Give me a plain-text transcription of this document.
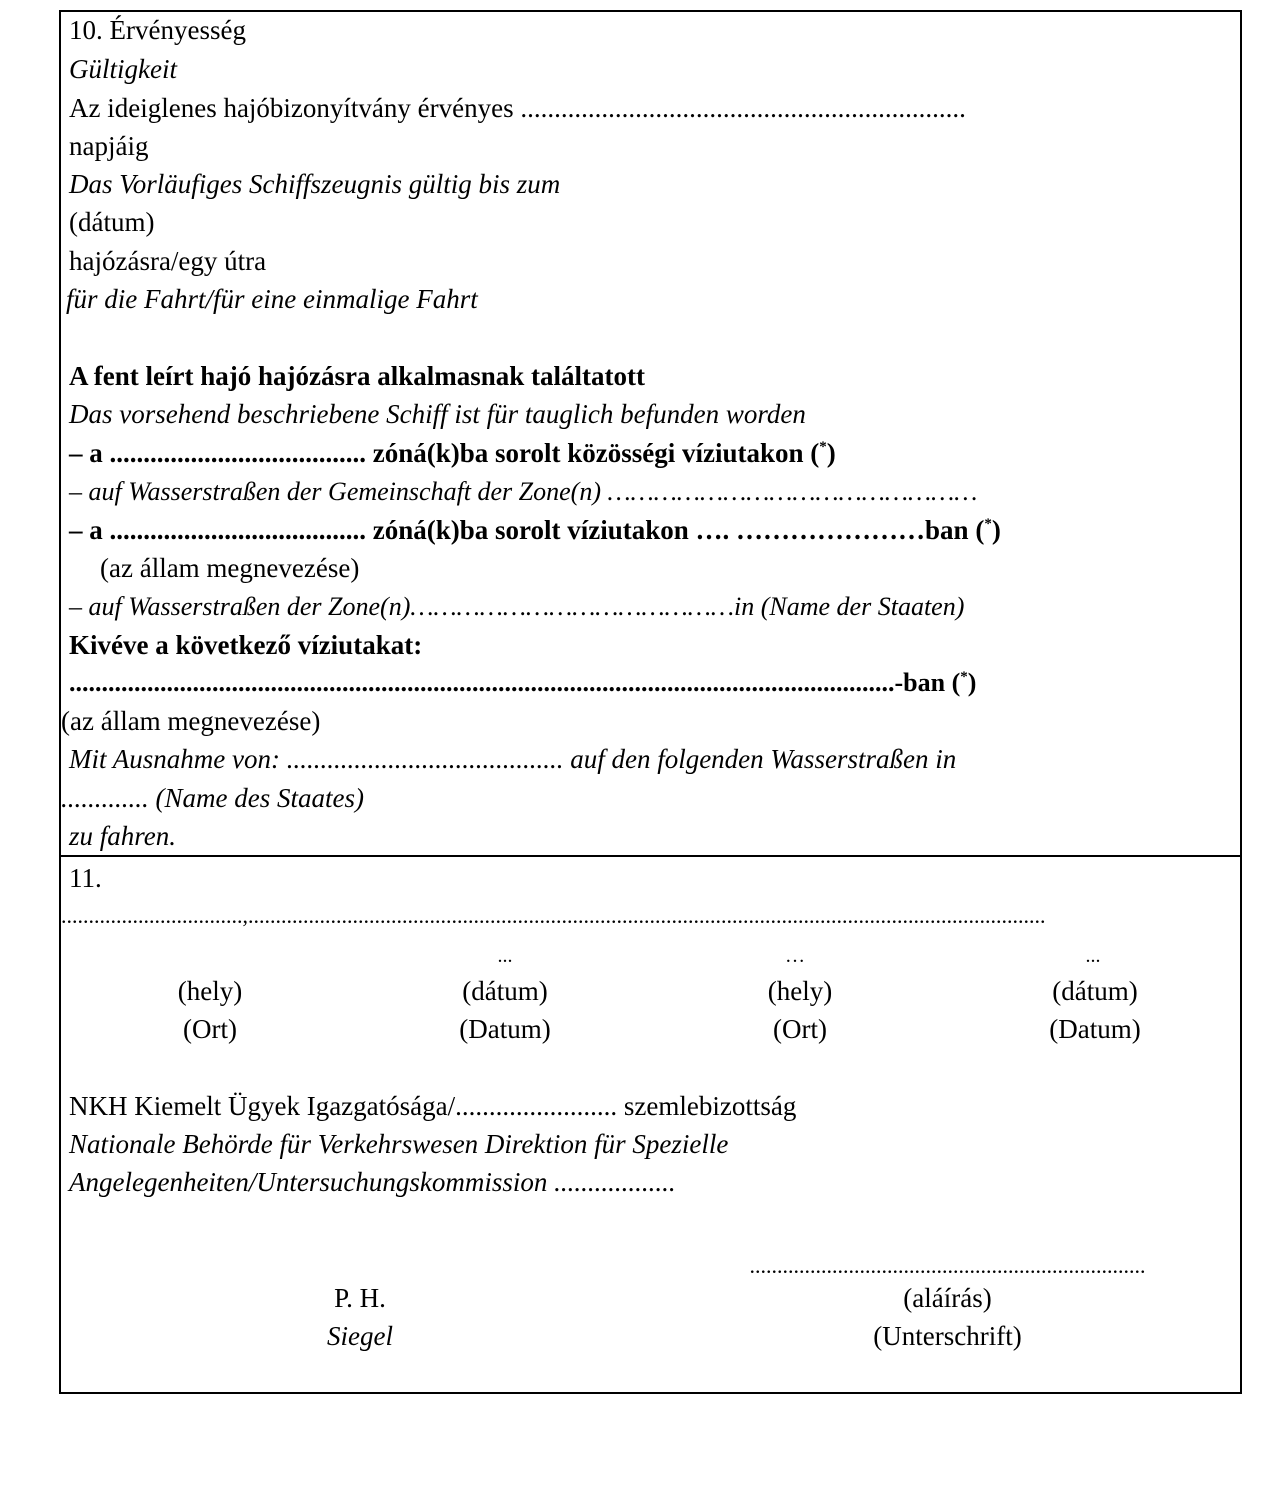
10. Érvényesség
Gültigkeit
Az ideiglenes hajóbizonyítvány érvényes ..................................................................
napjáig
Das Vorläufiges Schiffszeugnis gültig bis zum
(dátum)
hajózásra/egy útra
für die Fahrt/für eine einmalige Fahrt
A fent leírt hajó hajózásra alkalmasnak találtatott
Das vorsehend beschriebene Schiff ist für tauglich befunden worden
– a ...................................... zóná(k)ba sorolt közösségi víziutakon (*)
– auf Wasserstraßen der Gemeinschaft der Zone(n) …………………………………………
– a ...................................... zóná(k)ba sorolt víziutakon …. …………………ban (*)
(az állam megnevezése)
– auf Wasserstraßen der Zone(n)……………………………………in (Name der Staaten)
Kivéve a következő víziutakat:
...............................................................................................................................-ban (*)
(az állam megnevezése)
Mit Ausnahme von: ......................................... auf den folgenden Wasserstraßen in
............. (Name des Staates)
zu fahren.
11.
.................................,.................................................................................................................................................
...	…	...
(hely)
(Ort)
(dátum)
(Datum)
(hely)
(Ort)
(dátum)
(Datum)
NKH Kiemelt Ügyek Igazgatósága/........................ szemlebizottság
Nationale Behörde für Verkehrswesen Direktion für Spezielle
Angelegenheiten/Untersuchungskommission ..................
........................................................................
P. H.
Siegel
(aláírás)
(Unterschrift)
